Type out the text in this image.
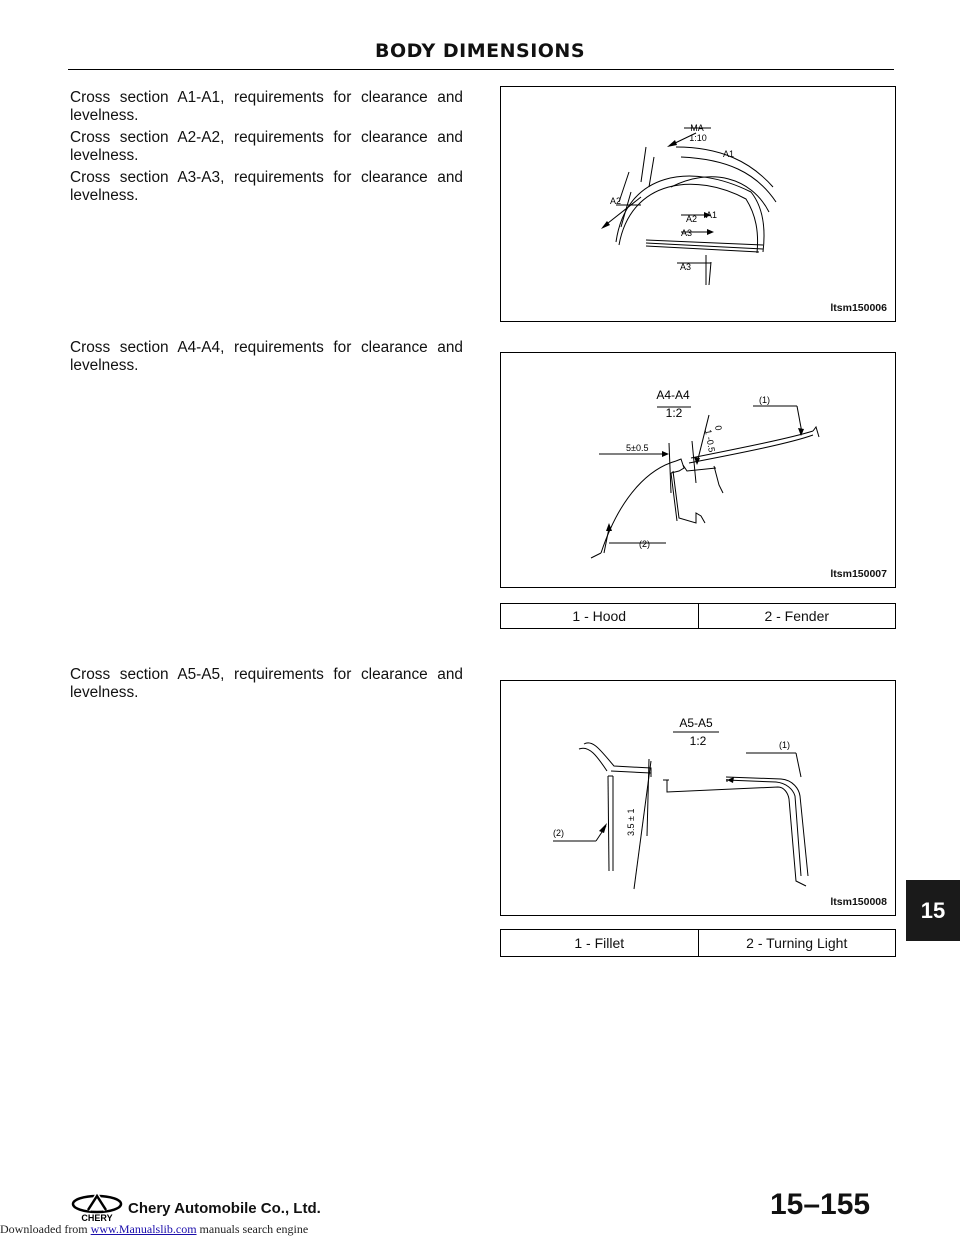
BODY DIMENSIONS
Cross section A1-A1, requirements for clearance and levelness.
Cross section A2-A2, requirements for clearance and levelness.
Cross section A3-A3, requirements for clearance and levelness.
Cross section A4-A4, requirements for clearance and levelness.
Cross section A5-A5, requirements for clearance and levelness.
MA
1:10
A1
A2
A2 A1
A3
A3
ltsm150006
A4-A4
1:2
(1)
(2)
5±0.5	1 -0.5
0
ltsm150007
1 - Hood	2 - Fender
A5-A5
1:2	(1)
(2)	3.5 ± 1
ltsm150008
1 - Fillet	2 - Turning Light
15
CHERY
Chery Automobile Co., Ltd.	15–155
Downloaded from www.Manualslib.com manuals search engine
